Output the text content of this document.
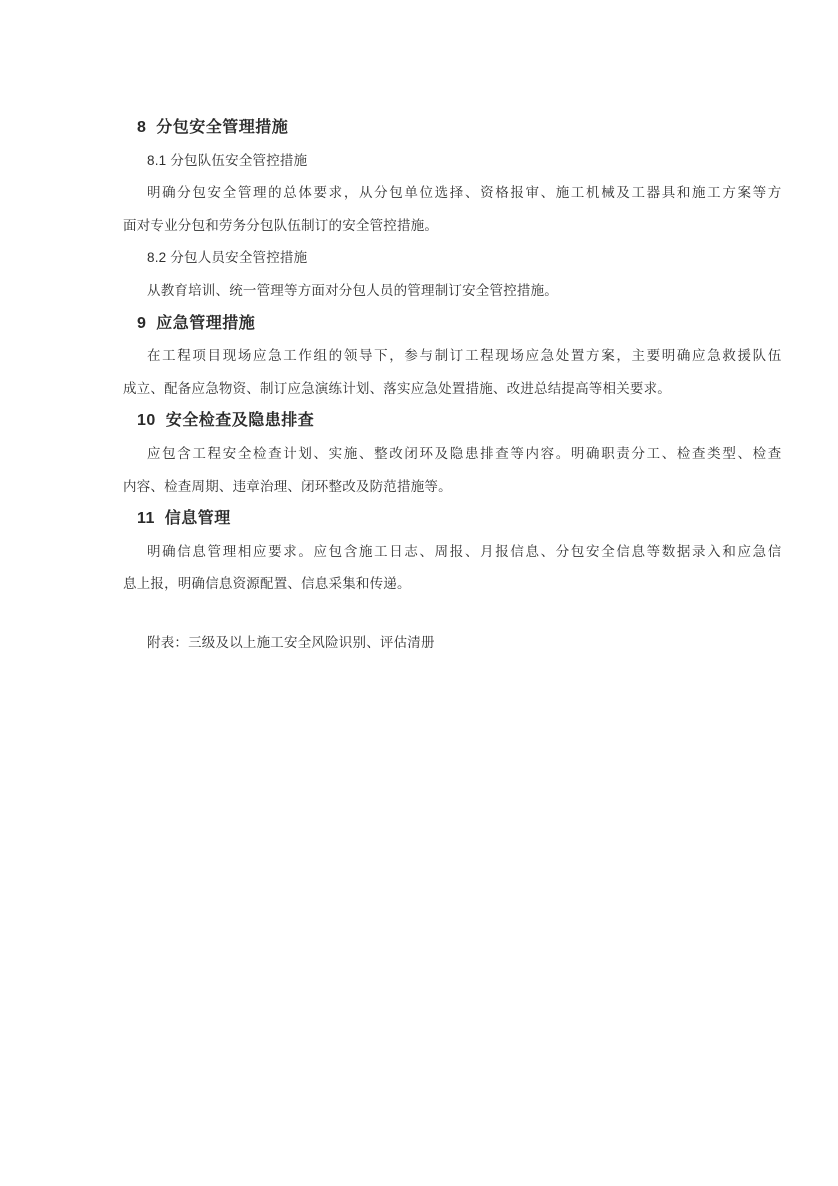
8  分包安全管理措施
8.1 分包队伍安全管控措施
明确分包安全管理的总体要求，从分包单位选择、资格报审、施工机械及工器具和施工方案等方
面对专业分包和劳务分包队伍制订的安全管控措施。
8.2 分包人员安全管控措施
从教育培训、统一管理等方面对分包人员的管理制订安全管控措施。
9  应急管理措施
在工程项目现场应急工作组的领导下，参与制订工程现场应急处置方案，主要明确应急救援队伍
成立、配备应急物资、制订应急演练计划、落实应急处置措施、改进总结提高等相关要求。
10  安全检查及隐患排查
应包含工程安全检查计划、实施、整改闭环及隐患排查等内容。明确职责分工、检查类型、检查
内容、检查周期、违章治理、闭环整改及防范措施等。
11  信息管理
明确信息管理相应要求。应包含施工日志、周报、月报信息、分包安全信息等数据录入和应急信
息上报，明确信息资源配置、信息采集和传递。
附表：三级及以上施工安全风险识别、评估清册
